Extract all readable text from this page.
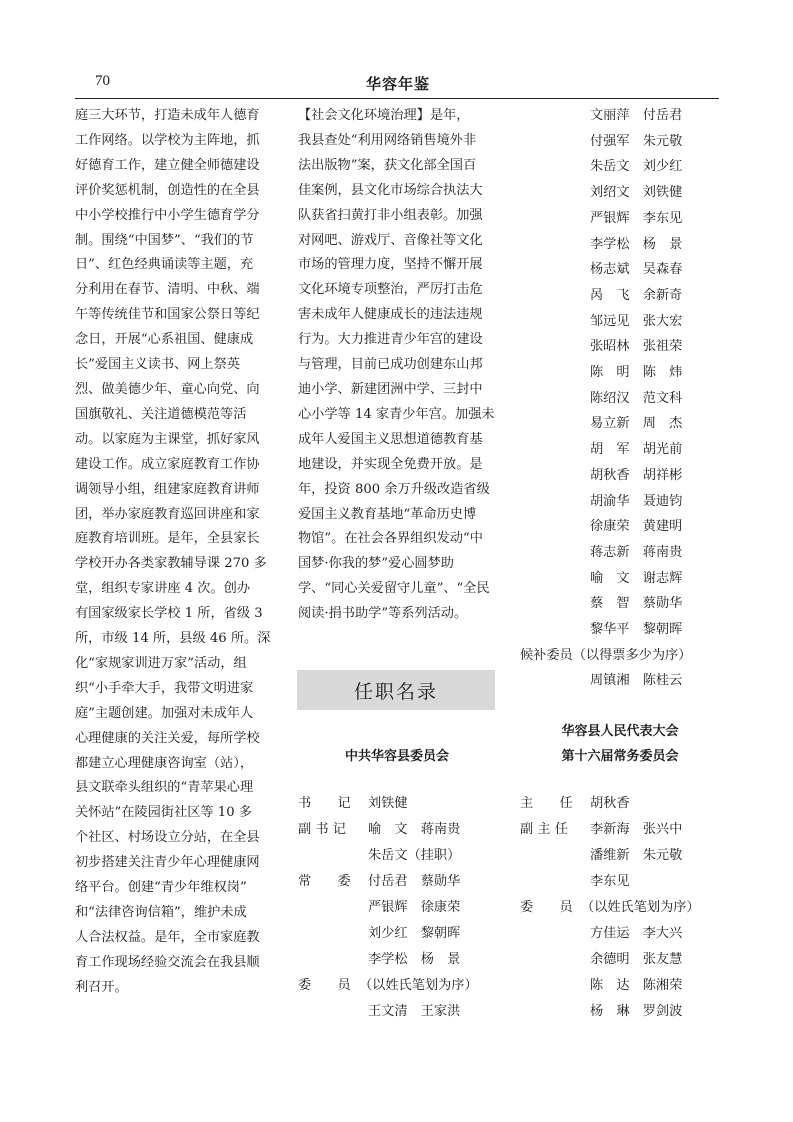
70	华容年鉴
庭三大环节，打造未成年人德育
工作网络。以学校为主阵地，抓
好德育工作，建立健全师德建设
评价奖惩机制，创造性的在全县
中小学校推行中小学生德育学分
制。围绕“中国梦”、“我们的节
日”、红色经典诵读等主题，充
分利用在春节、清明、中秋、端
午等传统佳节和国家公祭日等纪
念日，开展“心系祖国、健康成
长”爱国主义读书、网上祭英
烈、做美德少年、童心向党、向
国旗敬礼、关注道德模范等活
动。以家庭为主课堂，抓好家风
建设工作。成立家庭教育工作协
调领导小组，组建家庭教育讲师
团，举办家庭教育巡回讲座和家
庭教育培训班。是年，全县家长
学校开办各类家教辅导课 270 多
堂，组织专家讲座 4 次。创办
有国家级家长学校 1 所，省级 3
所，市级 14 所，县级 46 所。深
化“家规家训进万家”活动，组
织“小手牵大手，我带文明进家
庭”主题创建。加强对未成年人
心理健康的关注关爱，每所学校
都建立心理健康咨询室（站），
县文联牵头组织的“青苹果心理
关怀站”在陵园街社区等 10 多
个社区、村场设立分站，在全县
初步搭建关注青少年心理健康网
络平台。创建“青少年维权岗”
和“法律咨询信箱”，维护未成
人合法权益。是年，全市家庭教
育工作现场经验交流会在我县顺
利召开。
【社会文化环境治理】是年，
我县查处“利用网络销售境外非
法出版物”案，获文化部全国百
佳案例，县文化市场综合执法大
队获省扫黄打非小组表彰。加强
对网吧、游戏厅、音像社等文化
市场的管理力度，坚持不懈开展
文化环境专项整治，严厉打击危
害未成年人健康成长的违法违规
行为。大力推进青少年宫的建设
与管理，目前已成功创建东山邦
迪小学、新建团洲中学、三封中
心小学等 14 家青少年宫。加强未
成年人爱国主义思想道德教育基
地建设，并实现全免费开放。是
年，投资 800 余万升级改造省级
爱国主义教育基地“革命历史博
物馆”。在社会各界组织发动“中
国梦·你我的梦”爱心圆梦助
学、“同心关爱留守儿童”、“全民
阅读·捐书助学”等系列活动。
任职名录
中共华容县委员会
书　　记 刘铁健
副 书 记 喻　文　蒋南贵
朱岳文（挂职）
常　　委 付岳君　蔡勋华
严银辉　徐康荣
刘少红　黎朝晖
李学松　杨　景
委　　员 （以姓氏笔划为序）
王文清　王家洪
文丽萍　付岳君
付强军　朱元敬
朱岳文　刘少红
刘绍文　刘铁健
严银辉　李东见
李学松　杨　景
杨志斌　吴森春
呙　飞　余新奇
邹远见　张大宏
张昭林　张祖荣
陈　明　陈　炜
陈绍汉　范文科
易立新　周　杰
胡　军　胡光前
胡秋香　胡祥彬
胡渝华　聂迪钧
徐康荣　黄建明
蒋志新　蒋南贵
喻　文　谢志辉
蔡　智　蔡勋华
黎华平　黎朝晖
候补委员（以得票多少为序）
周镇湘　陈桂云
华容县人民代表大会
第十六届常务委员会
主　　任 胡秋香
副 主 任 李新海　张兴中
潘维新　朱元敬
李东见
委　　员 （以姓氏笔划为序）
方佳运　李大兴
余德明　张友慧
陈　达　陈湘荣
杨　琳　罗剑波
